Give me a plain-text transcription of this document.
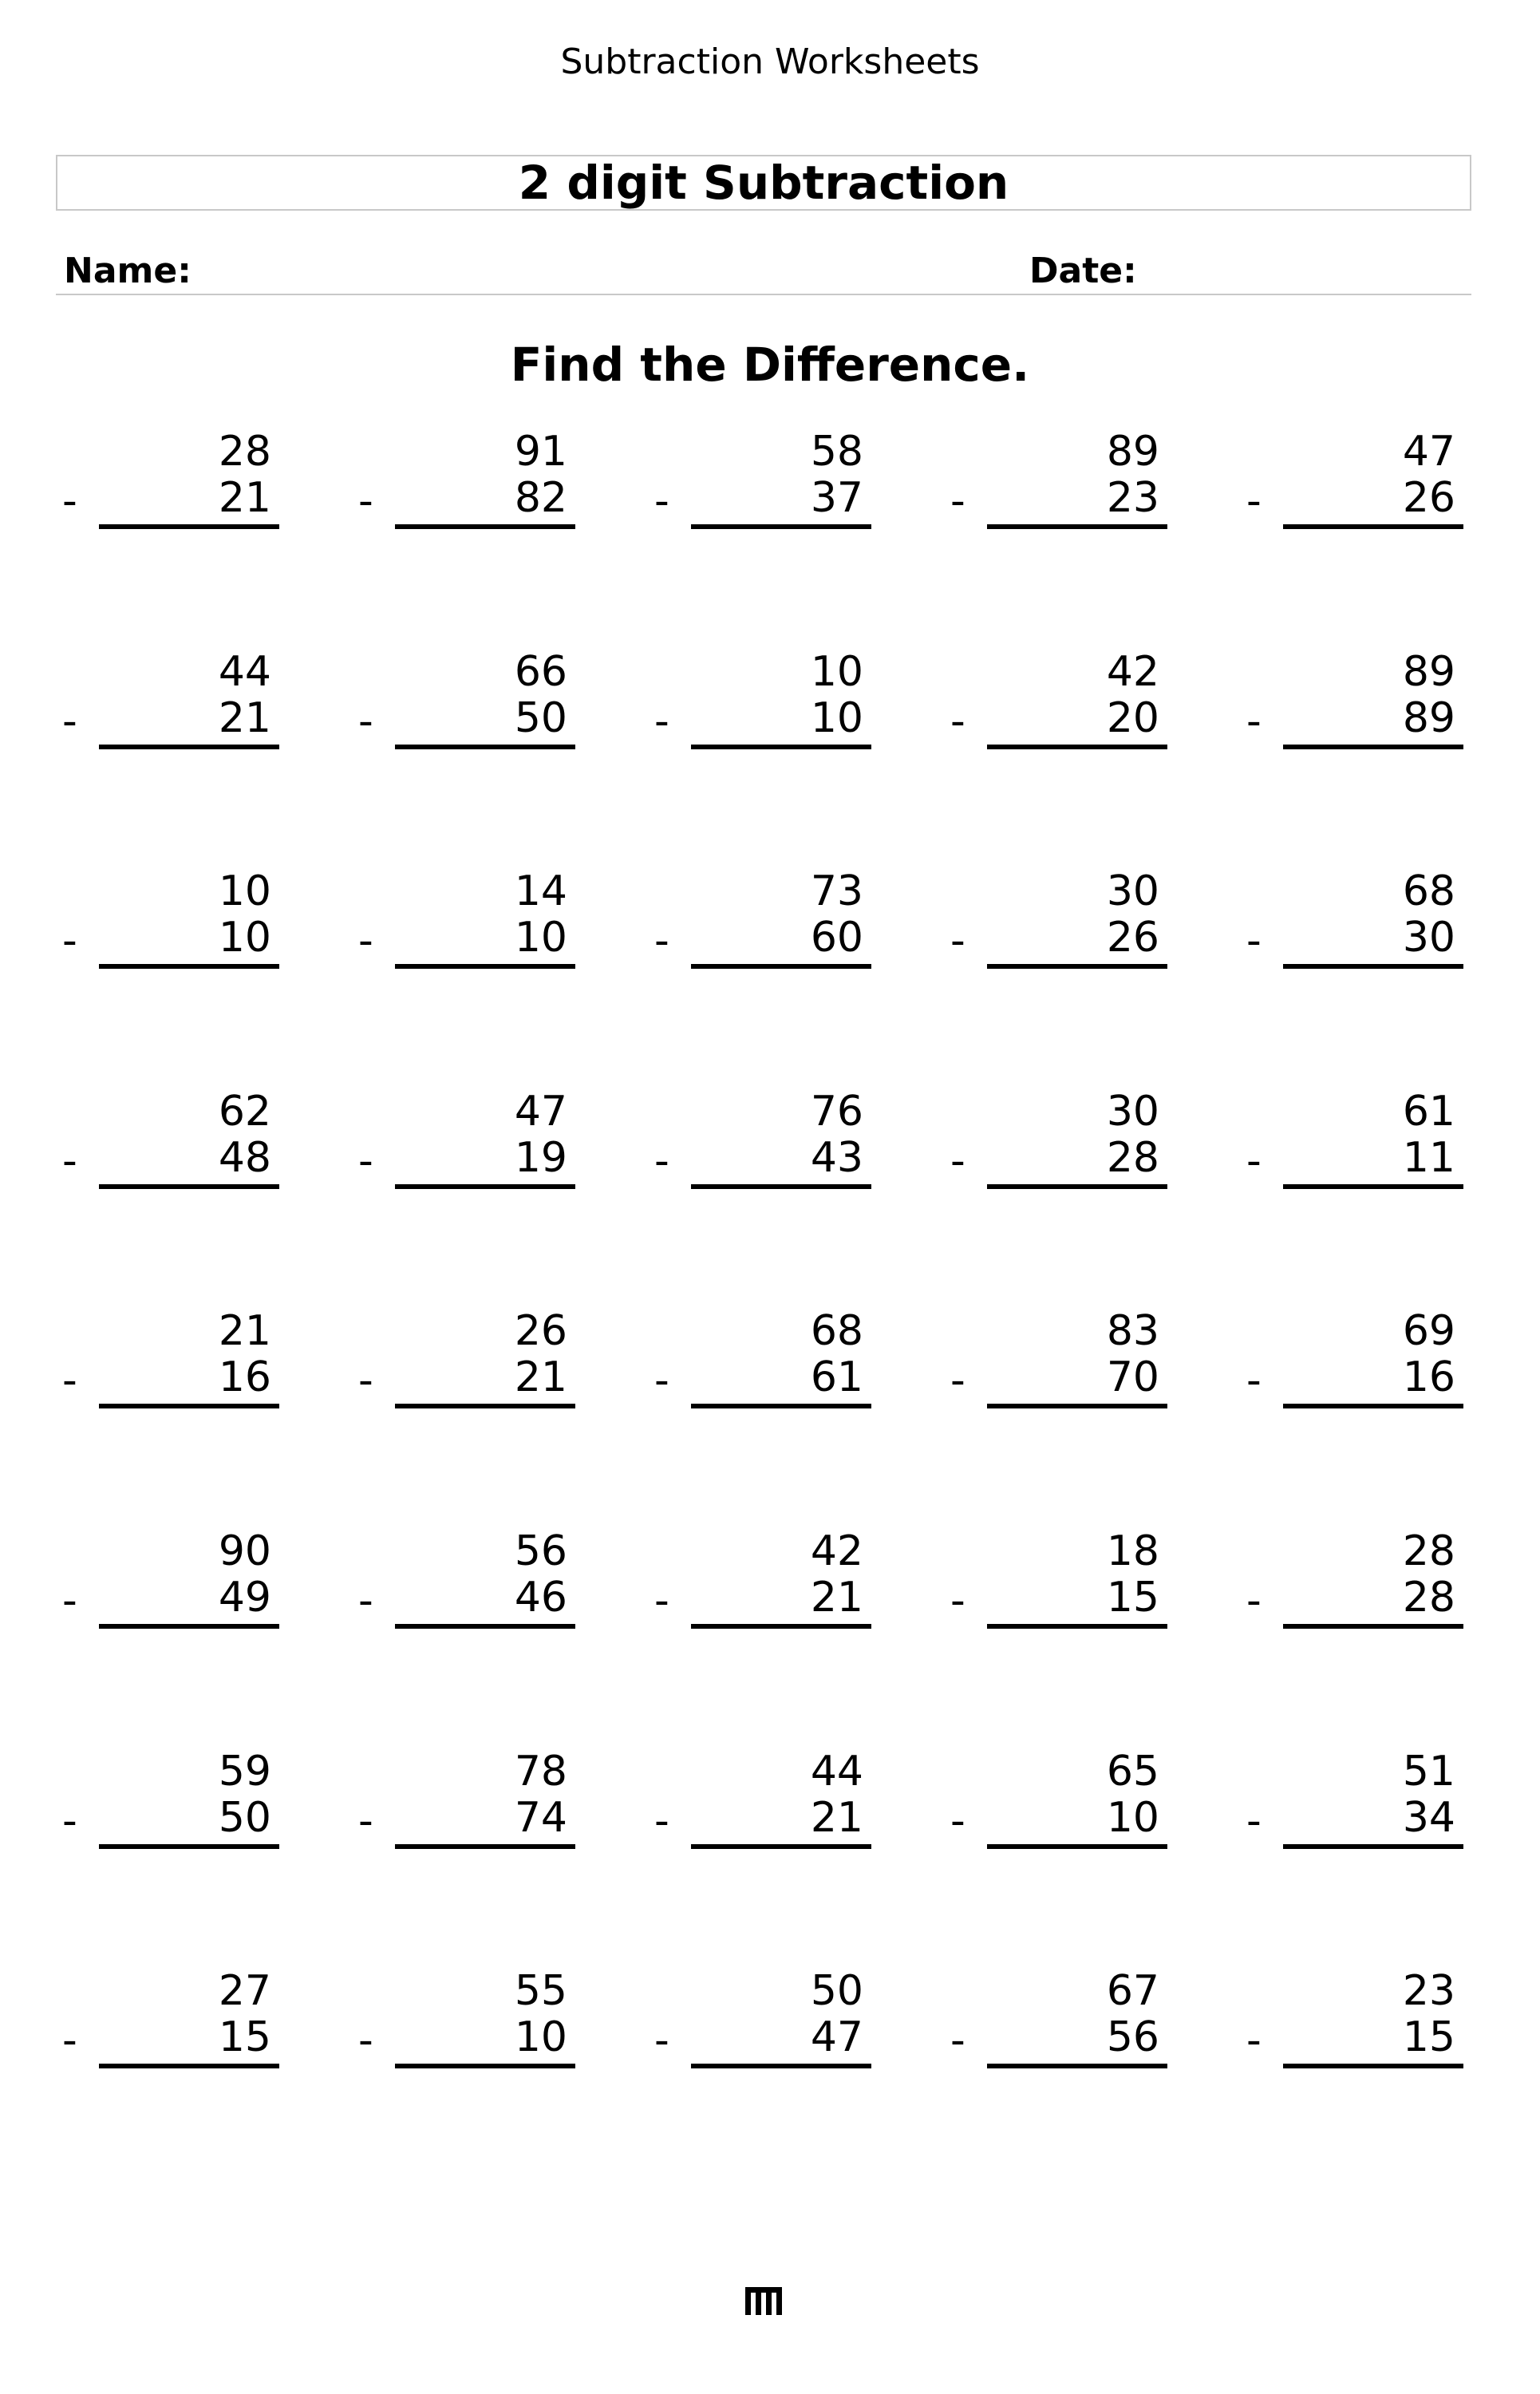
Subtraction Worksheets
2 digit Subtraction
Name:	Date:
Find the Difference.
28
-	21
91
-	82
58
-	37
89
-	23
47
-	26
44
-	21
66
-	50
10
-	10
42
-	20
89
-	89
10
-	10
14
-	10
73
-	60
30
-	26
68
-	30
62
-	48
47
-	19
76
-	43
30
-	28
61
-	11
21
-	16
26
-	21
68
-	61
83
-	70
69
-	16
90
-	49
56
-	46
42
-	21
18
-	15
28
-	28
59
-	50
78
-	74
44
-	21
65
-	10
51
-	34
27
-	15
55
-	10
50
-	47
67
-	56
23
-	15
